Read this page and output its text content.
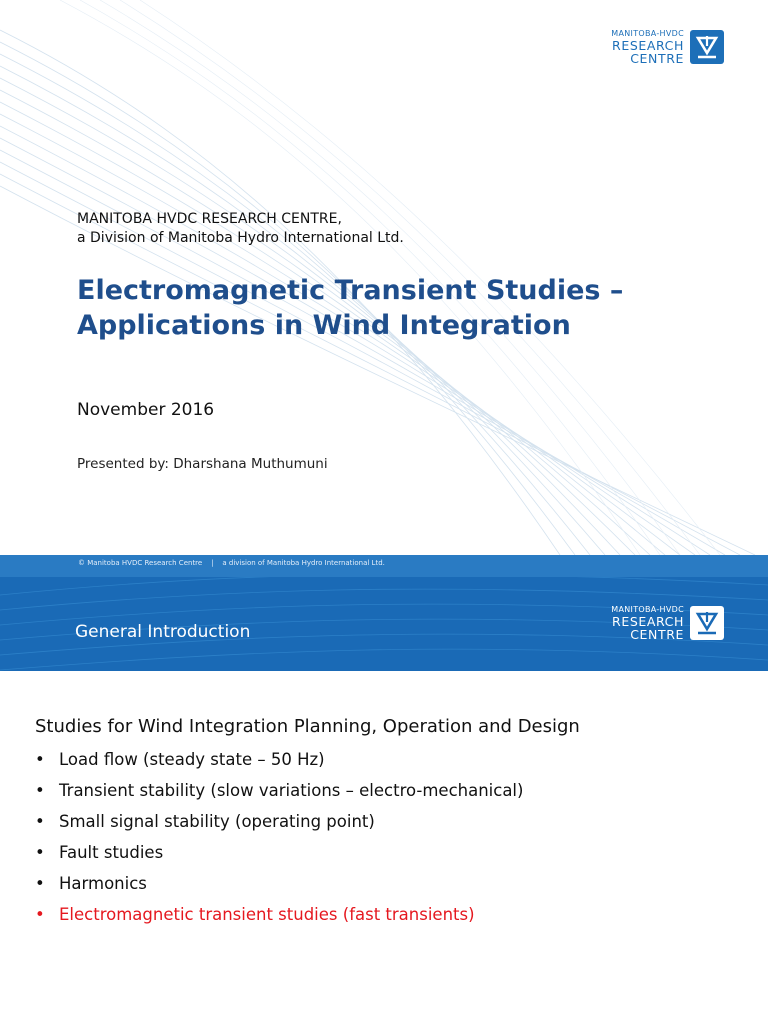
MANITOBA-HVDC
RESEARCH
CENTRE
MANITOBA HVDC RESEARCH CENTRE,
a Division of Manitoba Hydro International Ltd.
Electromagnetic Transient Studies –
Applications in Wind Integration
November 2016
Presented by: Dharshana Muthumuni
© Manitoba HVDC Research Centre    |    a division of Manitoba Hydro International Ltd.
General Introduction
MANITOBA-HVDC
RESEARCH
CENTRE
Studies for Wind Integration Planning, Operation and Design
• Load flow (steady state – 50 Hz)
• Transient stability (slow variations – electro-mechanical)
• Small signal stability (operating point)
• Fault studies
• Harmonics
• Electromagnetic transient studies (fast transients)
